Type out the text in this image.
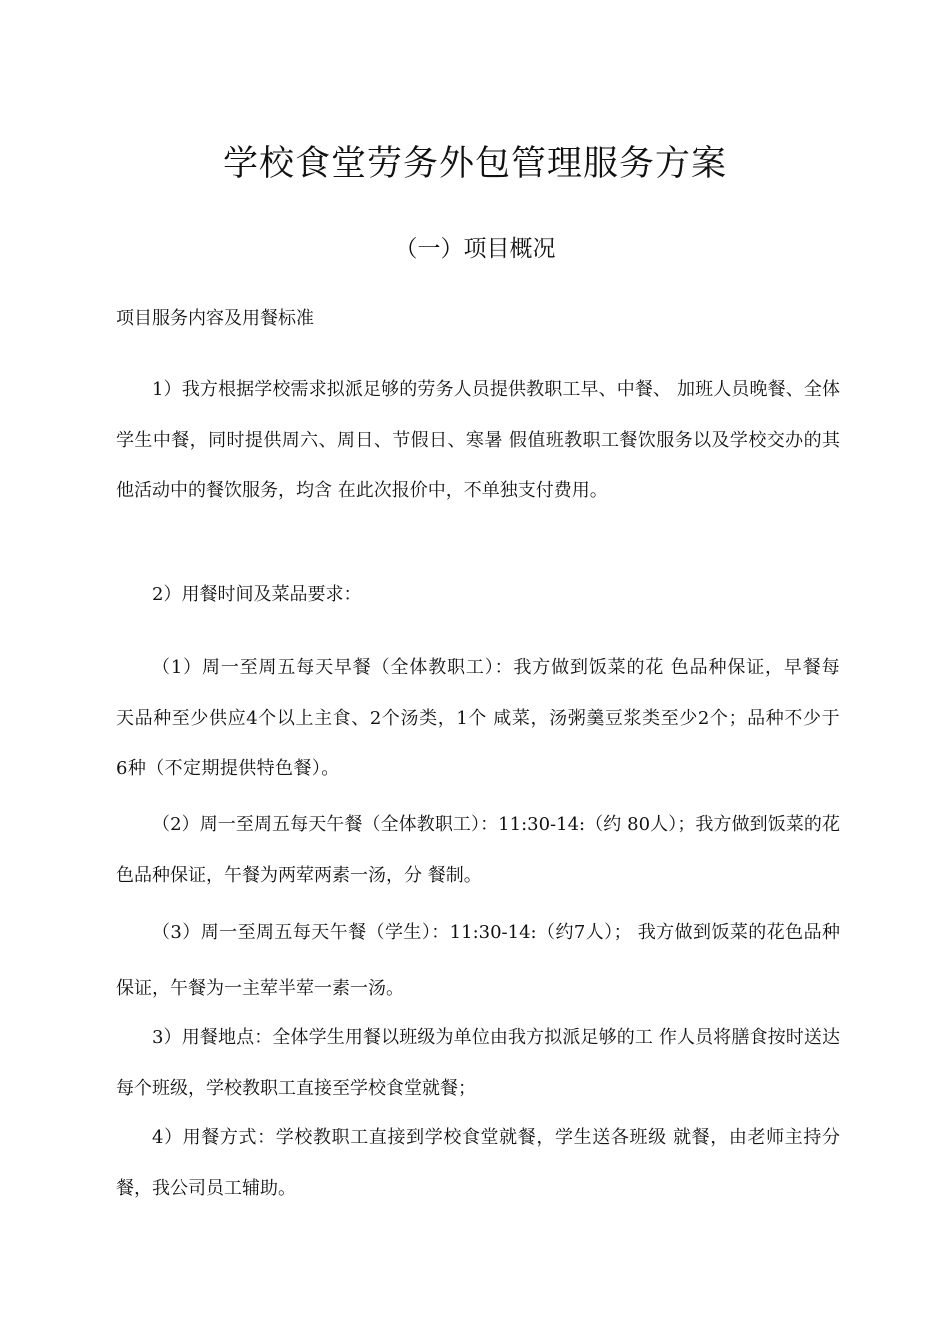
学校食堂劳务外包管理服务方案
（一）项目概况
项目服务内容及用餐标准

1）我方根据学校需求拟派足够的劳务人员提供教职工早、中餐、 加班人员晚餐、全体学生中餐，同时提供周六、周日、节假日、寒暑 假值班教职工餐饮服务以及学校交办的其他活动中的餐饮服务，均含 在此次报价中，不单独支付费用。

2）用餐时间及菜品要求：

（1）周一至周五每天早餐（全体教职工）：我方做到饭菜的花 色品种保证，早餐每天品种至少供应4个以上主食、2个汤类，1个 咸菜，汤粥羹豆浆类至少2个；品种不少于6种（不定期提供特色餐）。

（2）周一至周五每天午餐（全体教职工）：11:30-14:（约 80人）；我方做到饭菜的花色品种保证，午餐为两荤两素一汤，分 餐制。

（3）周一至周五每天午餐（学生）：11:30-14:（约7人）； 我方做到饭菜的花色品种保证，午餐为一主荤半荤一素一汤。

3）用餐地点：全体学生用餐以班级为单位由我方拟派足够的工 作人员将膳食按时送达每个班级，学校教职工直接至学校食堂就餐；

4）用餐方式：学校教职工直接到学校食堂就餐，学生送各班级 就餐，由老师主持分餐，我公司员工辅助。
